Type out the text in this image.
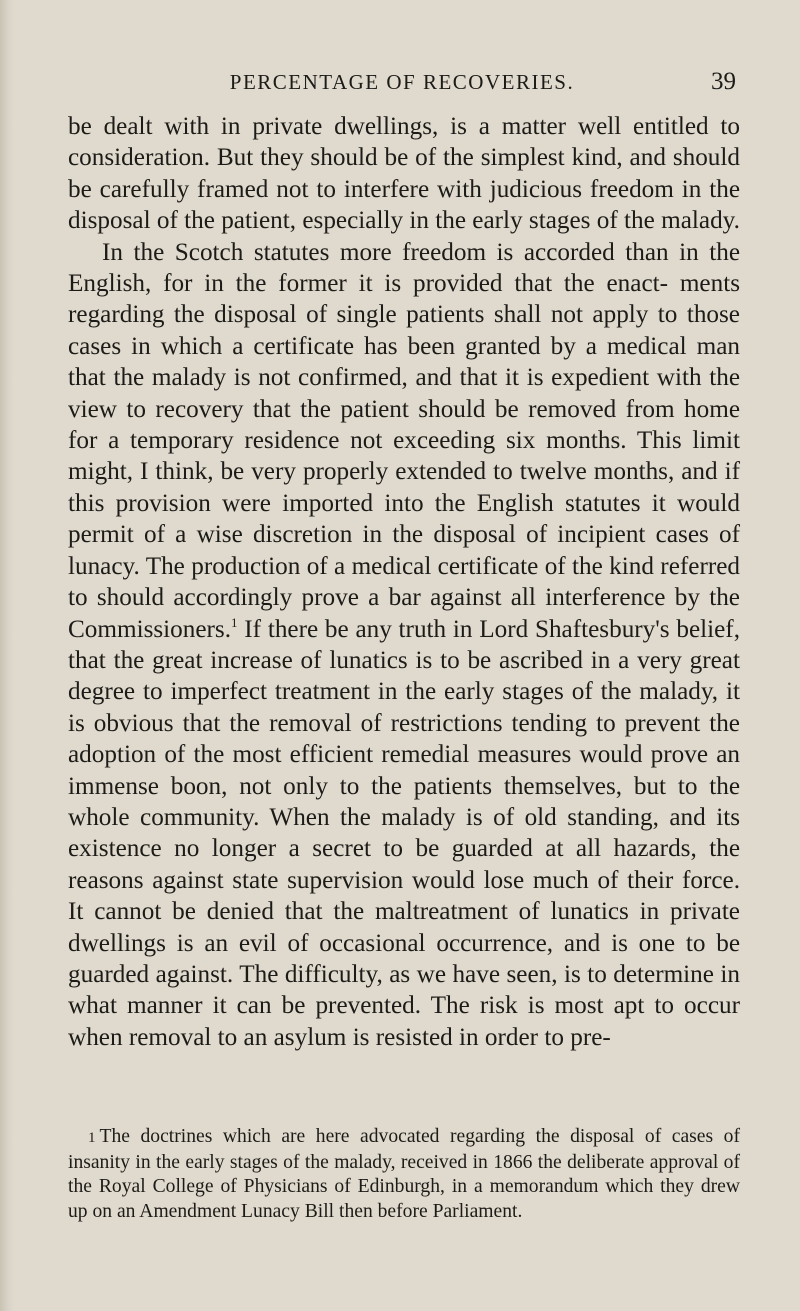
PERCENTAGE OF RECOVERIES.	39

be dealt with in private dwellings, is a matter well entitled to consideration. But they should be of the simplest kind, and should be carefully framed not to interfere with judicious freedom in the disposal of the patient, especially in the early stages of the malady.

In the Scotch statutes more freedom is accorded than in the English, for in the former it is provided that the enact- ments regarding the disposal of single patients shall not apply to those cases in which a certificate has been granted by a medical man that the malady is not confirmed, and that it is expedient with the view to recovery that the patient should be removed from home for a temporary residence not exceeding six months. This limit might, I think, be very properly extended to twelve months, and if this provision were imported into the English statutes it would permit of a wise discretion in the disposal of incipient cases of lunacy. The production of a medical certificate of the kind referred to should accordingly prove a bar against all interference by the Commissioners.$^1$ If there be any truth in Lord Shaftesbury's belief, that the great increase of lunatics is to be ascribed in a very great degree to imperfect treatment in the early stages of the malady, it is obvious that the removal of restrictions tending to prevent the adoption of the most efficient remedial measures would prove an immense boon, not only to the patients themselves, but to the whole community. When the malady is of old standing, and its existence no longer a secret to be guarded at all hazards, the reasons against state supervision would lose much of their force. It cannot be denied that the maltreatment of lunatics in private dwellings is an evil of occasional occurrence, and is one to be guarded against. The difficulty, as we have seen, is to determine in what manner it can be prevented. The risk is most apt to occur when removal to an asylum is resisted in order to pre-

1 The doctrines which are here advocated regarding the disposal of cases of insanity in the early stages of the malady, received in 1866 the deliberate approval of the Royal College of Physicians of Edinburgh, in a memorandum which they drew up on an Amendment Lunacy Bill then before Parliament.
